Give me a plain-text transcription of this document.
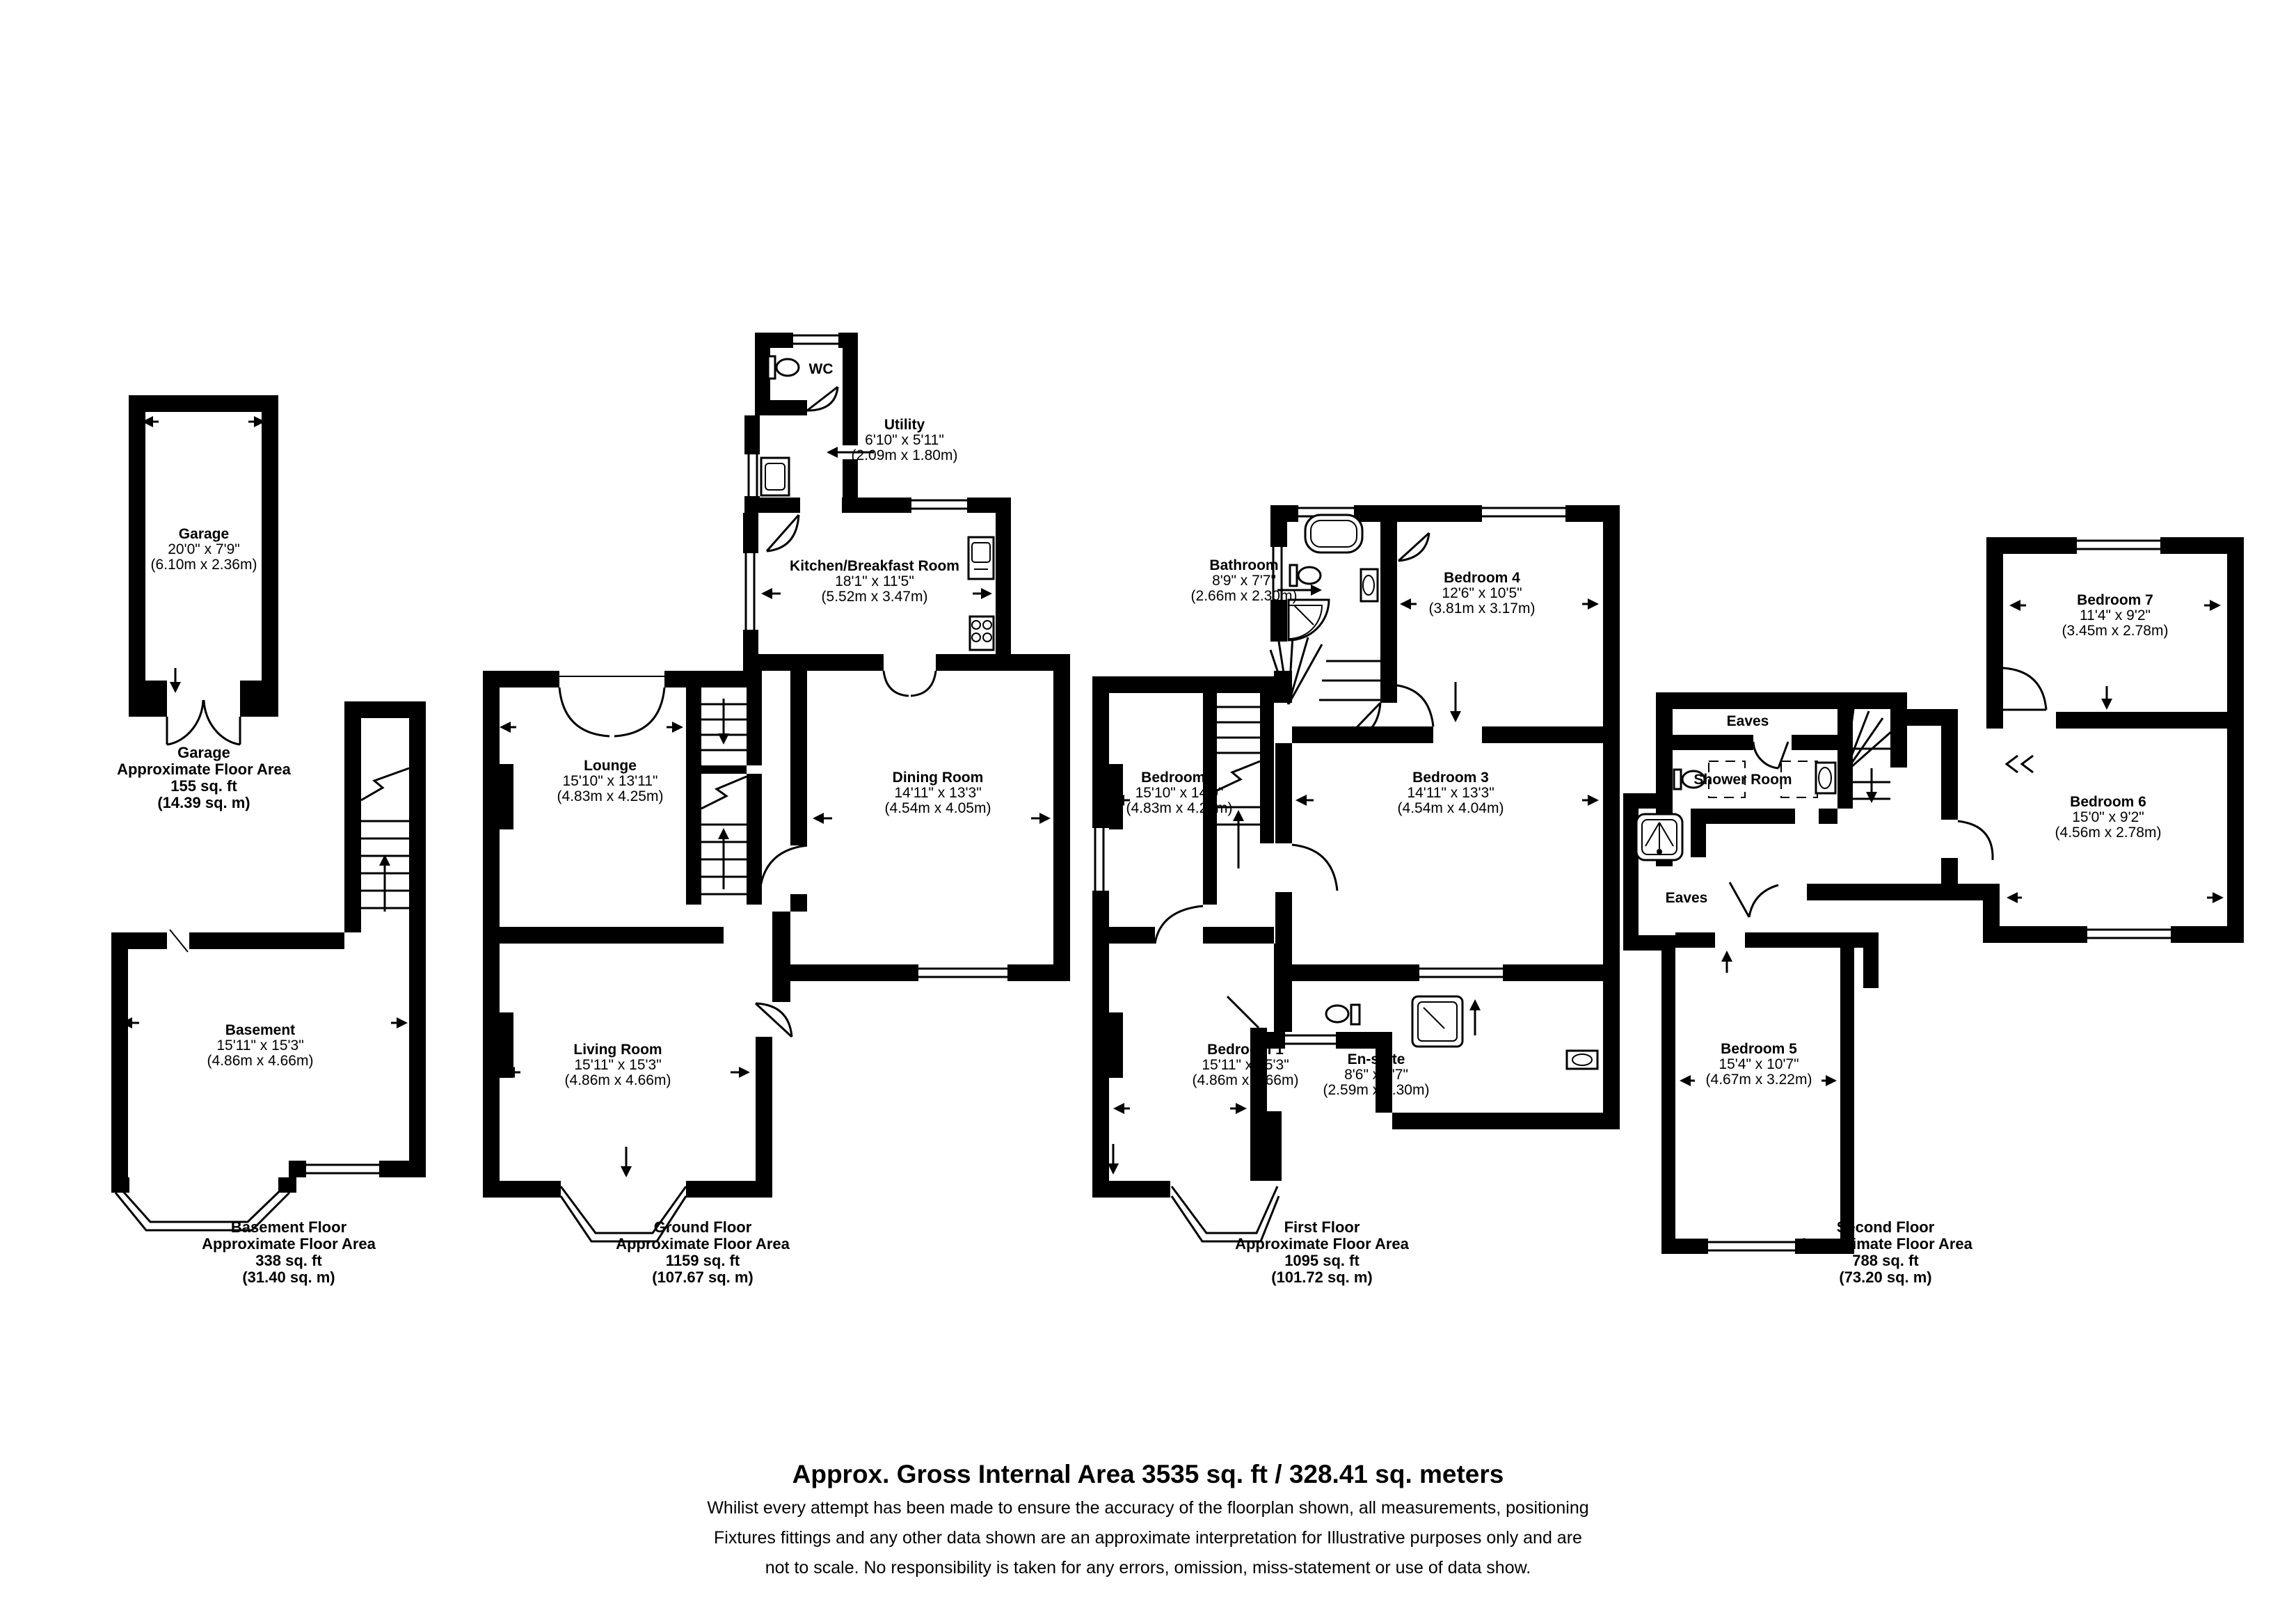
Garage
20'0" x 7'9"
(6.10m x 2.36m)
Basement
15'11" x 15'3"
(4.86m x 4.66m)
WC
Utility
6'10" x 5'11"
(2.09m x 1.80m)
Kitchen/Breakfast Room
18'1" x 11'5"
(5.52m x 3.47m)
Lounge
15'10" x 13'11"
(4.83m x 4.25m)
Dining Room
14'11" x 13'3"
(4.54m x 4.05m)
Living Room
15'11" x 15'3"
(4.86m x 4.66m)
Bathroom
8'9" x 7'7"
(2.66m x 2.30m)
Bedroom 4
12'6" x 10'5"
(3.81m x 3.17m)
Bedroom 2
15'10" x 14'0"
(4.83m x 4.27m)
Bedroom 3
14'11" x 13'3"
(4.54m x 4.04m)
Bedroom 1
15'11" x 15'3"
(4.86m x 4.66m)
En-suite
8'6" x 7'7"
(2.59m x 2.30m)
Eaves
Shower Room
Eaves
Bedroom 7
11'4" x 9'2"
(3.45m x 2.78m)
Bedroom 6
15'0" x 9'2"
(4.56m x 2.78m)
Bedroom 5
15'4" x 10'7"
(4.67m x 3.22m)
Garage
Approximate Floor Area
155 sq. ft
(14.39 sq. m)
Basement Floor
Approximate Floor Area
338 sq. ft
(31.40 sq. m)
Ground Floor
Approximate Floor Area
1159 sq. ft
(107.67 sq. m)
First Floor
Approximate Floor Area
1095 sq. ft
(101.72 sq. m)
Second Floor
Approximate Floor Area
788 sq. ft
(73.20 sq. m)
Approx. Gross Internal Area 3535 sq. ft / 328.41 sq. meters
Whilist every attempt has been made to ensure the accuracy of the floorplan shown, all measurements, positioning
Fixtures fittings and any other data shown are an approximate interpretation for Illustrative purposes only and are
not to scale. No responsibility is taken for any errors, omission, miss-statement or use of data show.
